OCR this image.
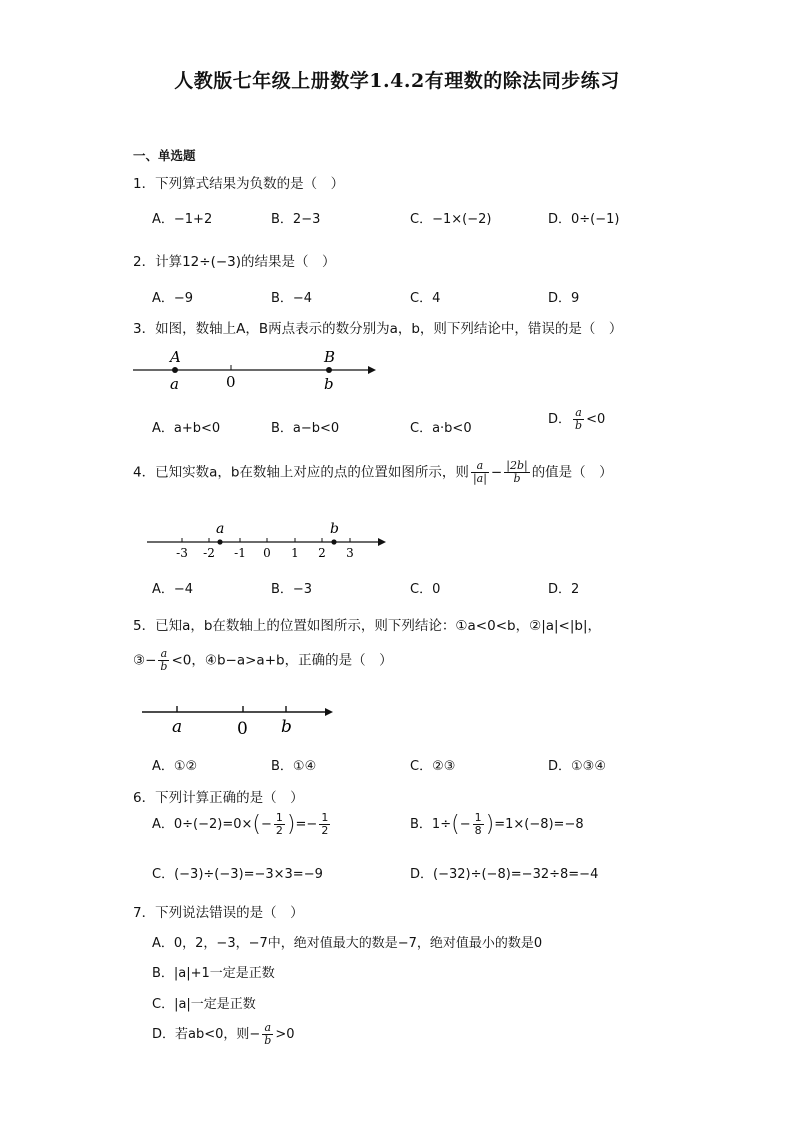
人教版七年级上册数学1.4.2有理数的除法同步练习
一、单选题
1．下列算式结果为负数的是（　）
A．−1+2	B．2−3	C．−1×(−2)	D．0÷(−1)
2．计算12÷(−3)的结果是（　）
A．−9	B．−4	C．4	D．9
3．如图，数轴上A，B两点表示的数分别为a，b，则下列结论中，错误的是（　）
A	B
a	0	b
A．a+b<0	B．a−b<0	C．a·b<0
D． $\frac{a}{b} <0$
4．已知实数a，b在数轴上对应的点的位置如图所示，则 $\frac{a}{|a|} - \frac{|2b|}{b}$ 的值是（　）
a	b
-3 -2 -1 0 1 2 3
A．−4	B．−3	C．0	D．2
5．已知a，b在数轴上的位置如图所示，则下列结论：①a<0<b，②|a|<|b|，
③− $\frac{a}{b} <0$，④b−a>a+b，正确的是（　）
a	0 b
A．①②	B．①④	C．②③	D．①③④
6．下列计算正确的是（　）
A．$0\div(-2)=0\times(- \frac{1}{2}$ )=− $\frac{1}{2}$	B．$1\div(- \frac{1}{8} )=1\times(-8)=-8$
C．(−3)÷(−3)=−3×3=−9	D．(−32)÷(−8)=−32÷8=−4
7．下列说法错误的是（　）
A．0，2，−3，−7中，绝对值最大的数是−7，绝对值最小的数是0
B．|a|+1一定是正数
C．|a|一定是正数
D．若ab<0，则− $\frac{a}{b} >0$
